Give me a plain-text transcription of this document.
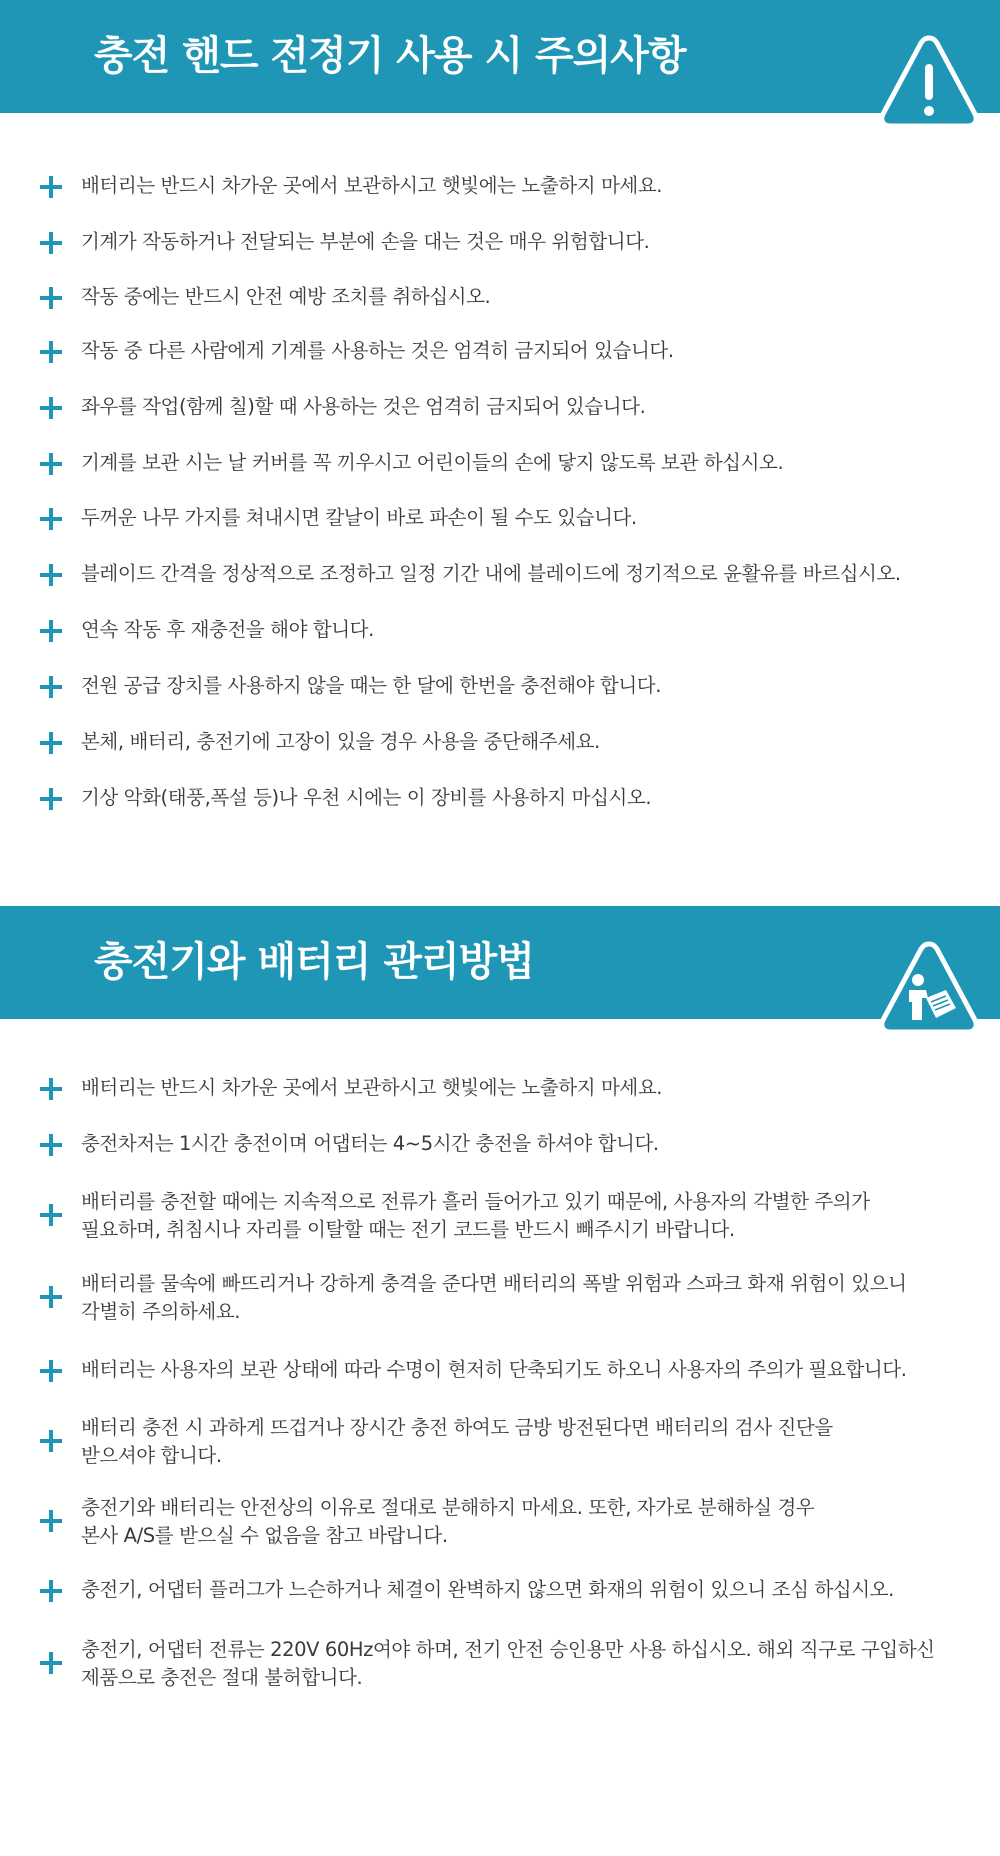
충전 핸드 전정기 사용 시 주의사항
배터리는 반드시 차가운 곳에서 보관하시고 햇빛에는 노출하지 마세요.
기계가 작동하거나 전달되는 부분에 손을 대는 것은 매우 위험합니다.
작동 중에는 반드시 안전 예방 조치를 취하십시오.
작동 중 다른 사람에게 기계를 사용하는 것은 엄격히 금지되어 있습니다.
좌우를 작업(함께 칠)할 때 사용하는 것은 엄격히 금지되어 있습니다.
기계를 보관 시는 날 커버를 꼭 끼우시고 어린이들의 손에 닿지 않도록 보관 하십시오.
두꺼운 나무 가지를 쳐내시면 칼날이 바로 파손이 될 수도 있습니다.
블레이드 간격을 정상적으로 조정하고 일정 기간 내에 블레이드에 정기적으로 윤활유를 바르십시오.
연속 작동 후 재충전을 해야 합니다.
전원 공급 장치를 사용하지 않을 때는 한 달에 한번을 충전해야 합니다.
본체, 배터리, 충전기에 고장이 있을 경우 사용을 중단해주세요.
기상 악화(태풍,폭설 등)나 우천 시에는 이 장비를 사용하지 마십시오.
충전기와 배터리 관리방법
배터리는 반드시 차가운 곳에서 보관하시고 햇빛에는 노출하지 마세요.
충전차저는 1시간 충전이며 어댑터는 4~5시간 충전을 하셔야 합니다.
배터리를 충전할 때에는 지속적으로 전류가 흘러 들어가고 있기 때문에, 사용자의 각별한 주의가
필요하며, 취침시나 자리를 이탈할 때는 전기 코드를 반드시 빼주시기 바랍니다.
배터리를 물속에 빠뜨리거나 강하게 충격을 준다면 배터리의 폭발 위험과 스파크 화재 위험이 있으니
각별히 주의하세요.
배터리는 사용자의 보관 상태에 따라 수명이 현저히 단축되기도 하오니 사용자의 주의가 필요합니다.
배터리 충전 시 과하게 뜨겁거나 장시간 충전 하여도 금방 방전된다면 배터리의 검사 진단을
받으셔야 합니다.
충전기와 배터리는 안전상의 이유로 절대로 분해하지 마세요. 또한, 자가로 분해하실 경우
본사 A/S를 받으실 수 없음을 참고 바랍니다.
충전기, 어댑터 플러그가 느슨하거나 체결이 완벽하지 않으면 화재의 위험이 있으니 조심 하십시오.
충전기, 어댑터 전류는 220V 60Hz여야 하며, 전기 안전 승인용만 사용 하십시오. 해외 직구로 구입하신
제품으로 충전은 절대 불허합니다.
